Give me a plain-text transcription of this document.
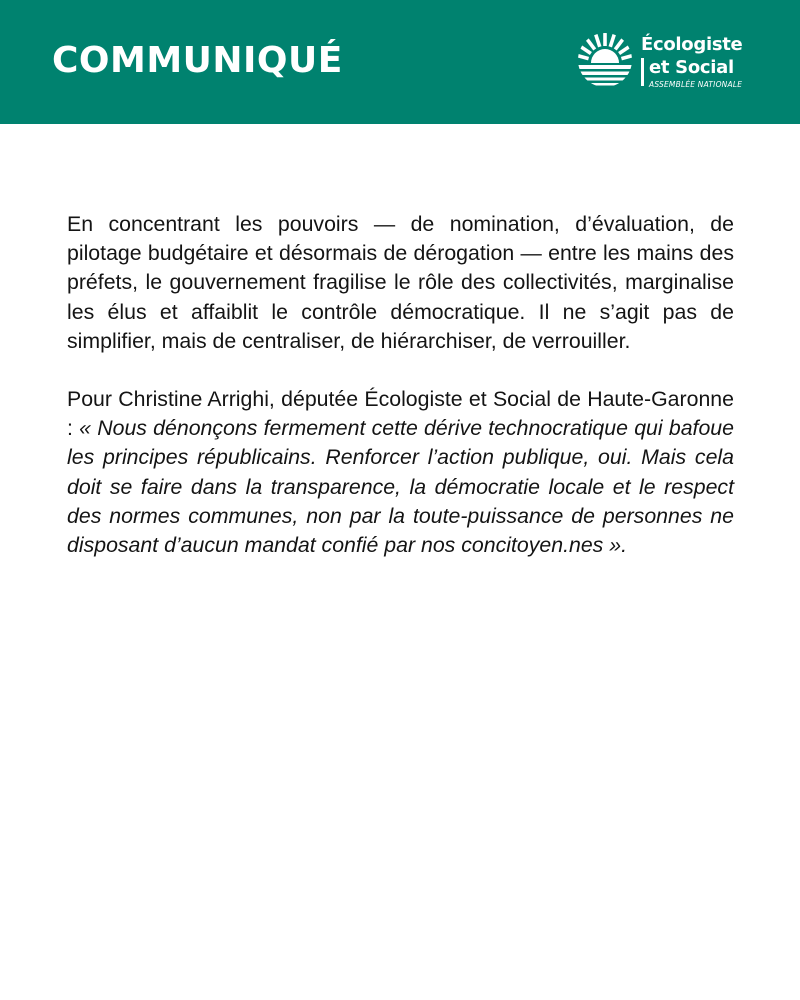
COMMUNIQUÉ	Écologiste
et Social
ASSEMBLÉE NATIONALE

En concentrant les pouvoirs — de nomination, d’évaluation, de pilotage budgétaire et désormais de dérogation — entre les mains des préfets, le gouvernement fragilise le rôle des collectivités, marginalise les élus et affaiblit le contrôle démocratique. Il ne s’agit pas de simplifier, mais de centraliser, de hiérarchiser, de verrouiller.

Pour Christine Arrighi, députée Écologiste et Social de Haute-Garonne : « Nous dénonçons fermement cette dérive technocratique qui bafoue les principes républicains. Renforcer l’action publique, oui. Mais cela doit se faire dans la transparence, la démocratie locale et le respect des normes communes, non par la toute-puissance de personnes ne disposant d’aucun mandat confié par nos concitoyen.nes ».
